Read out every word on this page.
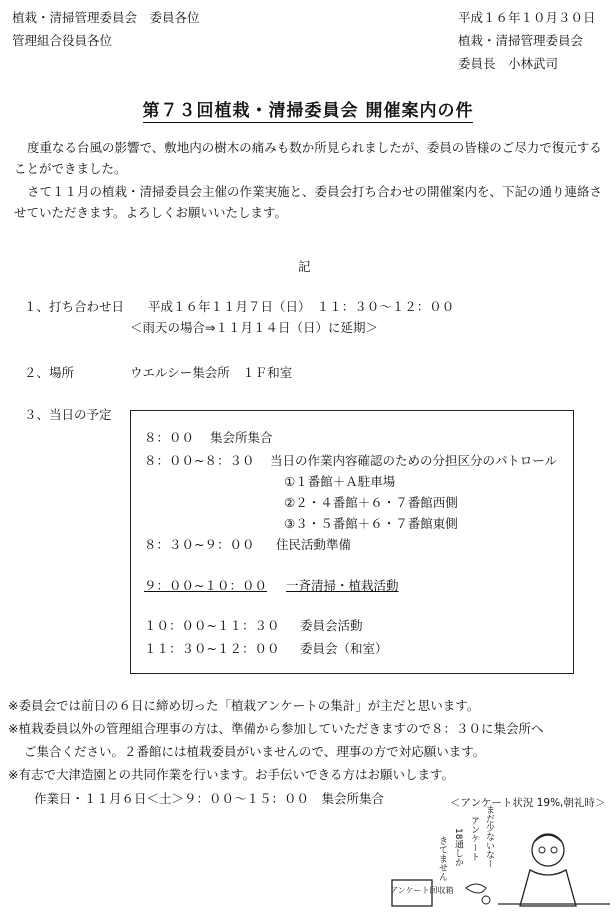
植栽・清掃管理委員会　委員各位
管理組合役員各位
平成１６年１０月３０日
植栽・清掃管理委員会
委員長　小林武司
第７３回植栽・清掃委員会 開催案内の件
度重なる台風の影響で、敷地内の樹木の痛みも数か所見られましたが、委員の皆様のご尽力で復元することができました。
さて１１月の植栽・清掃委員会主催の作業実施と、委員会打ち合わせの開催案内を、下記の通り連絡させていただきます。よろしくお願いいたします。
記
１、打ち合わせ日 平成１６年１１月７日（日）　１１：３０～１２：００
＜雨天の場合⇒１１月１４日（日）に延期＞
２、場所	ウエルシー集会所　１Ｆ和室
３、当日の予定
８：００ 集会所集合
８：００~８：３０ 当日の作業内容確認のための分担区分のパトロール
①１番館＋Ａ駐車場
②２・４番館＋６・７番館西側
③３・５番館＋６・７番館東側
８：３０~９：００ 住民活動準備
９：００~１０：００ 一斉清掃・植栽活動
１０：００~１１：３０ 委員会活動
１１：３０~１２：００ 委員会（和室）
※委員会では前日の６日に締め切った「植栽アンケートの集計」が主だと思います。
※植栽委員以外の管理組合理事の方は、準備から参加していただきますので８：３０に集会所へ
ご集合ください。２番館には植栽委員がいませんので、理事の方で対応願います。
※有志で大津造園との共同作業を行います。お手伝いできる方はお願いします。
作業日・１１月６日＜土＞９：００～１５：００　集会所集合	＜アンケート状況 19%,朝礼時＞
アンケート回収箱
まだ少ないなー
アンケート
18通しか
きてません
